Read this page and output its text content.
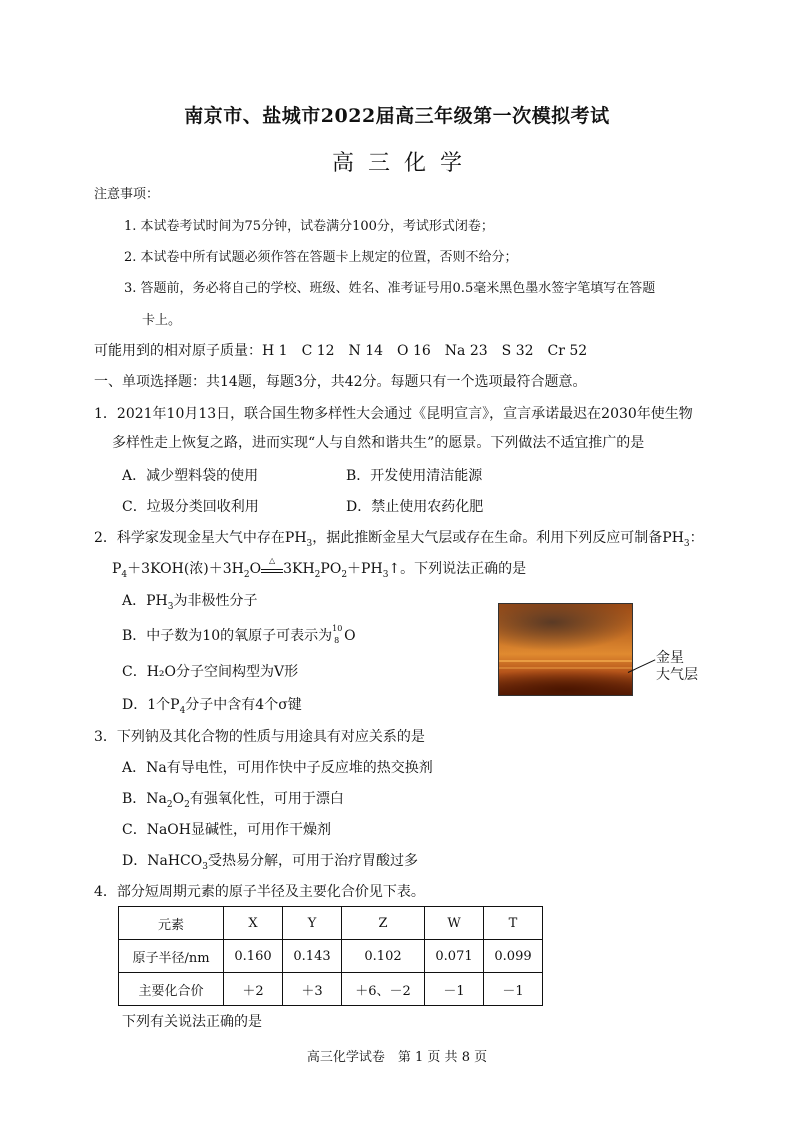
南京市、盐城市2022届高三年级第一次模拟考试
高三化学
注意事项：
1. 本试卷考试时间为75分钟，试卷满分100分，考试形式闭卷；
2. 本试卷中所有试题必须作答在答题卡上规定的位置，否则不给分；
3. 答题前，务必将自己的学校、班级、姓名、准考证号用0.5毫米黑色墨水签字笔填写在答题
卡上。
可能用到的相对原子质量：H 1　C 12　N 14　O 16　Na 23　S 32　Cr 52
一、单项选择题：共14题，每题3分，共42分。每题只有一个选项最符合题意。
1．2021年10月13日，联合国生物多样性大会通过《昆明宣言》，宣言承诺最迟在2030年使生物
多样性走上恢复之路，进而实现“人与自然和谐共生”的愿景。下列做法不适宜推广的是
A．减少塑料袋的使用	B．开发使用清洁能源
C．垃圾分类回收利用	D．禁止使用农药化肥
2．科学家发现金星大气中存在$PH_3$，据此推断金星大气层或存在生命。利用下列反应可制备$PH_3$：
$P_4+3KOH$(浓)$+3H_2O$
△
$3KH_2PO_2+PH_3↑$。下列说法正确的是
A．$PH_3$为非极性分子
B．中子数为10的氧原子可表示为 10
8 O
C．H₂O分子空间构型为V形
D．1个$P_4$分子中含有4个σ键
金星
大气层
3．下列钠及其化合物的性质与用途具有对应关系的是
A．Na有导电性，可用作快中子反应堆的热交换剂
B．$Na_2O_2$有强氧化性，可用于漂白
C．NaOH显碱性，可用作干燥剂
D．NaHCO$_3$受热易分解，可用于治疗胃酸过多
4．部分短周期元素的原子半径及主要化合价见下表。
元素	X	Y	Z	W	T
原子半径/nm	0.160	0.143	0.102	0.071	0.099
主要化合价	＋2	＋3	＋6、－2	－1	－1
下列有关说法正确的是
高三化学试卷　第 1 页 共 8 页
